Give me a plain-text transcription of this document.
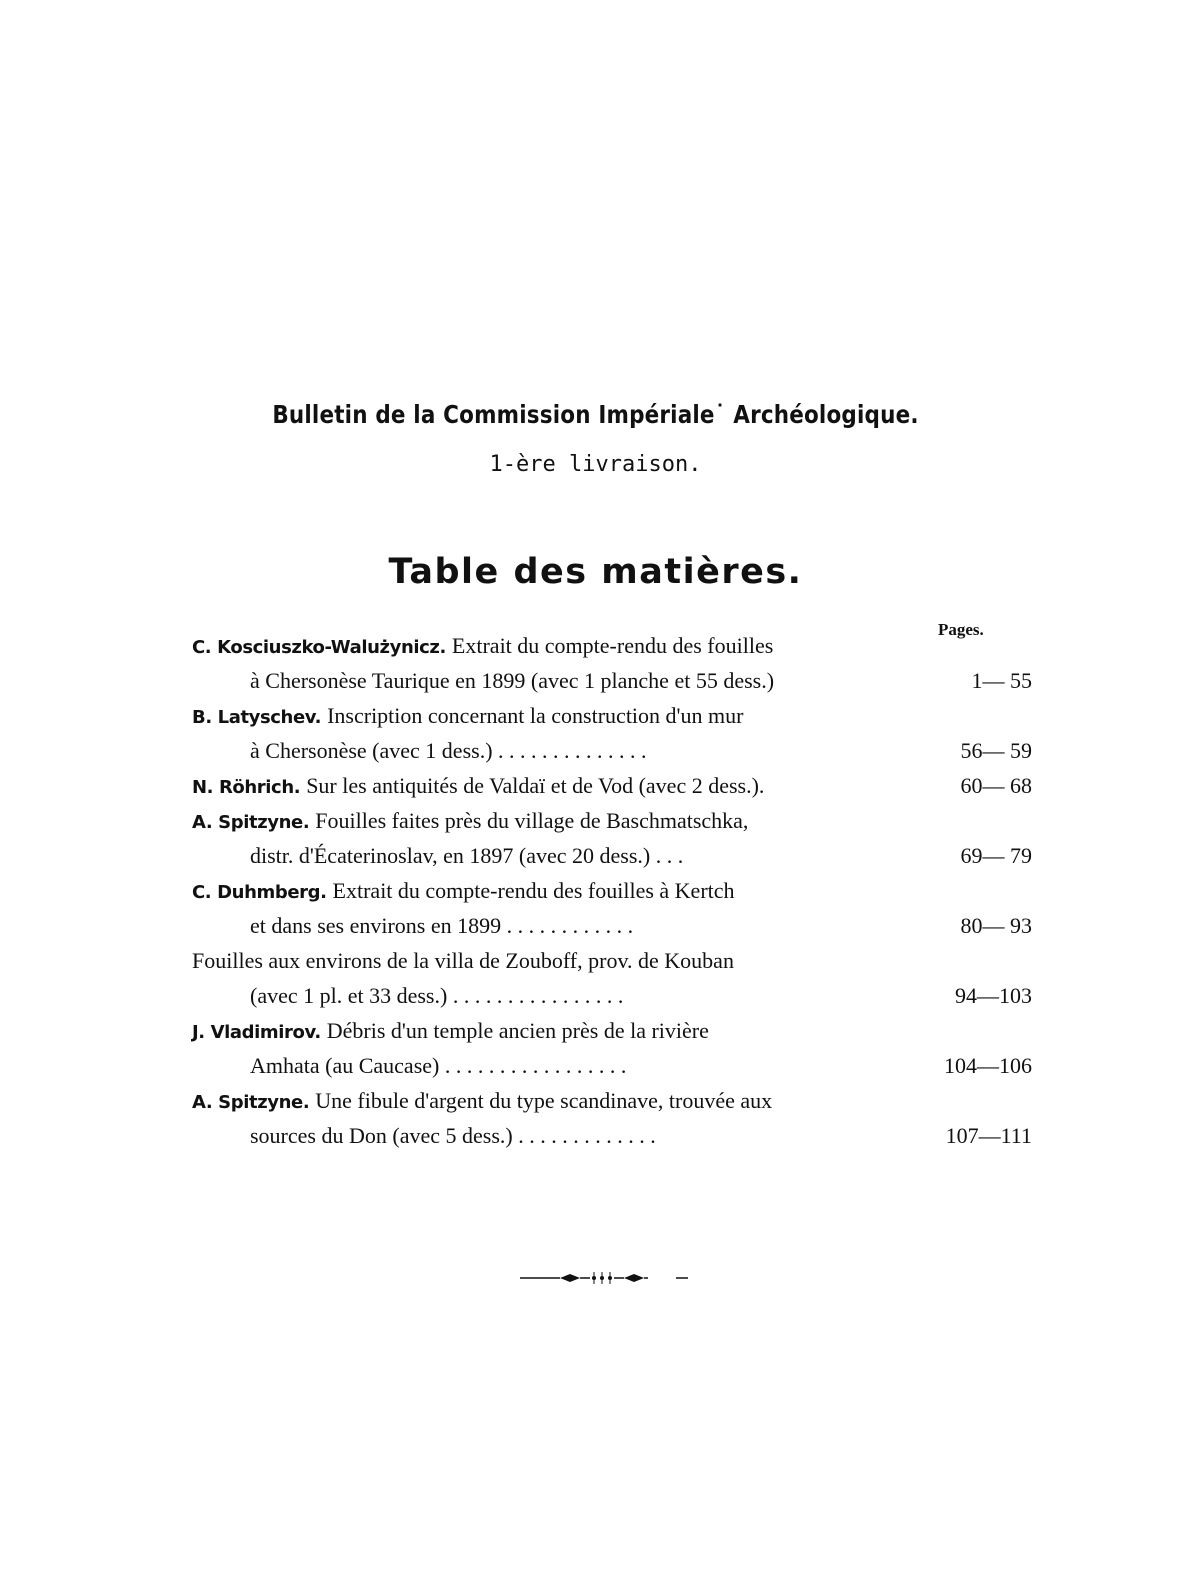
Bulletin de la Commission Impériale˙ Archéologique.
1-ère livraison.
Table des matières.
Pages.
C. Kosciuszko-Walużynicz. Extrait du compte-rendu des fouilles
à Chersonèse Taurique en 1899 (avec 1 planche et 55 dess.)	1— 55
B. Latyschev. Inscription concernant la construction d'un mur
à Chersonèse (avec 1 dess.) . . . . . . . . . . . . . .	56— 59
N. Röhrich. Sur les antiquités de Valdaï et de Vod (avec 2 dess.).	60— 68
A. Spitzyne. Fouilles faites près du village de Baschmatschka,
distr. d'Écaterinoslav, en 1897 (avec 20 dess.) . . .	69— 79
C. Duhmberg. Extrait du compte-rendu des fouilles à Kertch
et dans ses environs en 1899 . . . . . . . . . . . .	80— 93
Fouilles aux environs de la villa de Zouboff, prov. de Kouban
(avec 1 pl. et 33 dess.) . . . . . . . . . . . . . . . .	94—103
J. Vladimirov. Débris d'un temple ancien près de la rivière
Amhata (au Caucase) . . . . . . . . . . . . . . . . .	104—106
A. Spitzyne. Une fibule d'argent du type scandinave, trouvée aux
sources du Don (avec 5 dess.) . . . . . . . . . . . . .	107—111
